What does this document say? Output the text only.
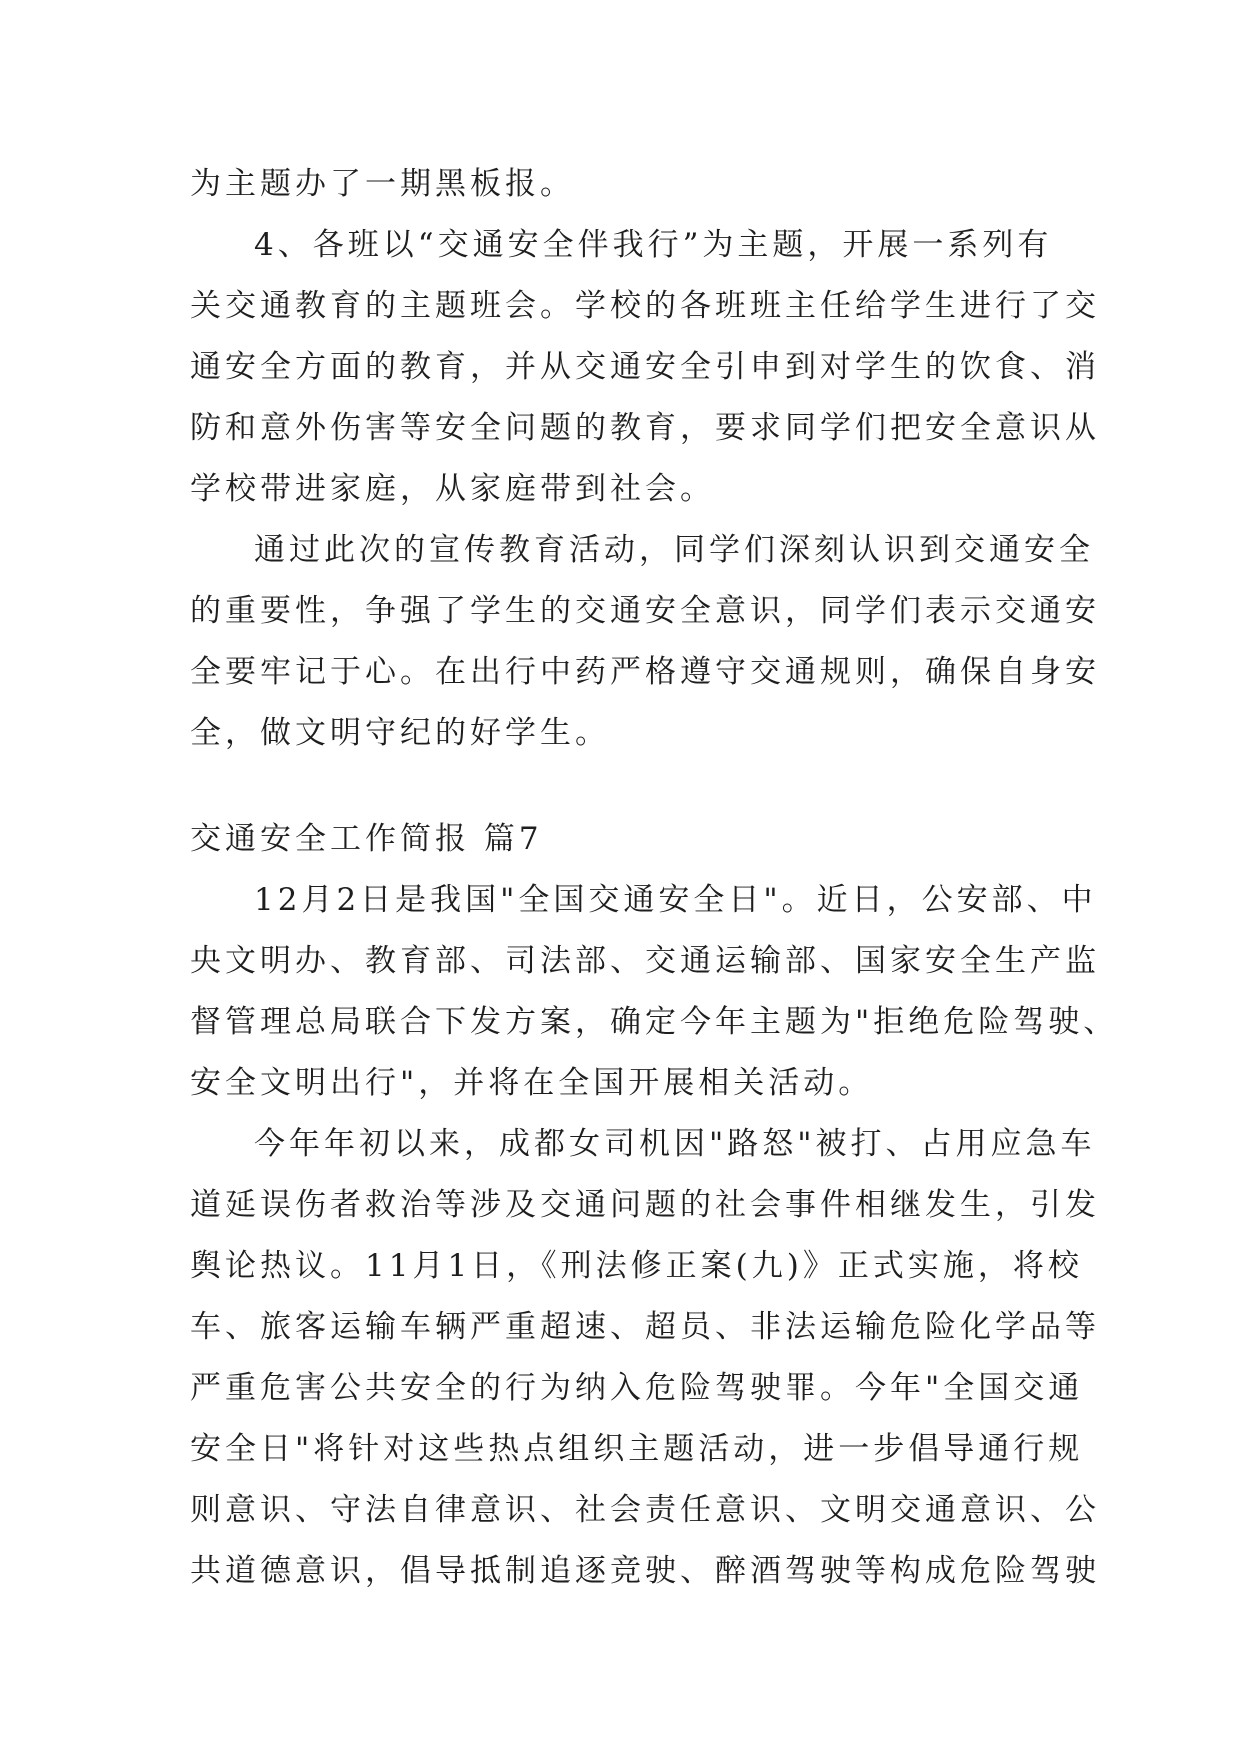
为主题办了一期黑板报。
4、各班以“交通安全伴我行”为主题，开展一系列有
关交通教育的主题班会。学校的各班班主任给学生进行了交
通安全方面的教育，并从交通安全引申到对学生的饮食、消
防和意外伤害等安全问题的教育，要求同学们把安全意识从
学校带进家庭，从家庭带到社会。
通过此次的宣传教育活动，同学们深刻认识到交通安全
的重要性，争强了学生的交通安全意识，同学们表示交通安
全要牢记于心。在出行中药严格遵守交通规则，确保自身安
全，做文明守纪的好学生。
交通安全工作简报 篇7
12月2日是我国"全国交通安全日"。近日，公安部、中
央文明办、教育部、司法部、交通运输部、国家安全生产监
督管理总局联合下发方案，确定今年主题为"拒绝危险驾驶、
安全文明出行"，并将在全国开展相关活动。
今年年初以来，成都女司机因"路怒"被打、占用应急车
道延误伤者救治等涉及交通问题的社会事件相继发生，引发
舆论热议。11月1日，《刑法修正案(九)》正式实施，将校
车、旅客运输车辆严重超速、超员、非法运输危险化学品等
严重危害公共安全的行为纳入危险驾驶罪。今年"全国交通
安全日"将针对这些热点组织主题活动，进一步倡导通行规
则意识、守法自律意识、社会责任意识、文明交通意识、公
共道德意识，倡导抵制追逐竞驶、醉酒驾驶等构成危险驾驶
